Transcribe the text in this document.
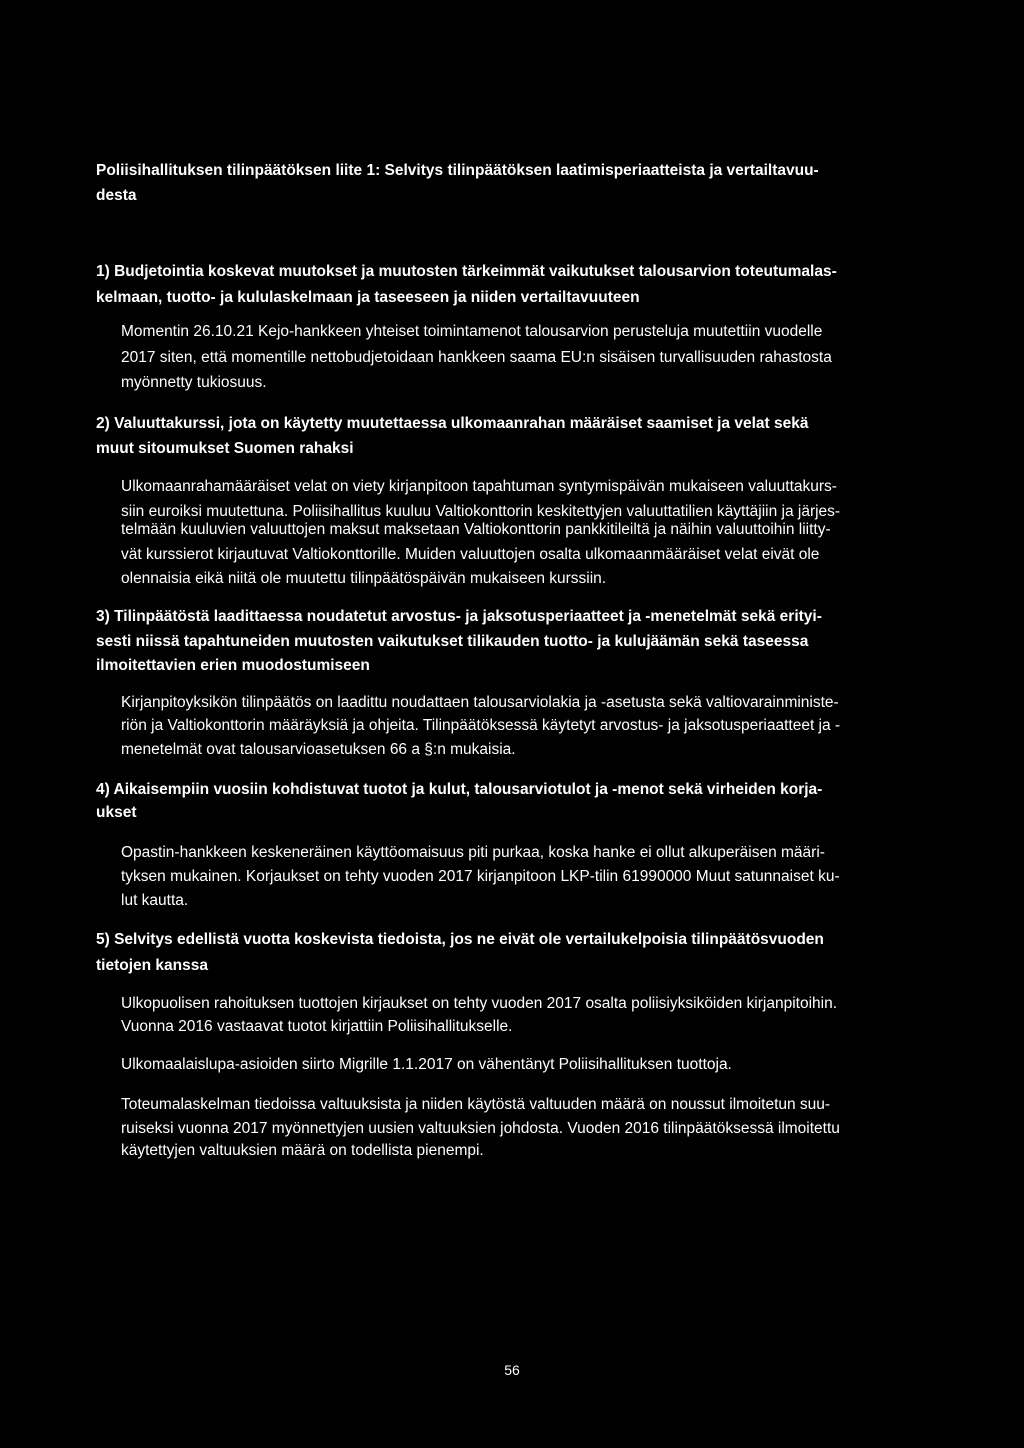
Poliisihallituksen tilinpäätöksen liite 1: Selvitys tilinpäätöksen laatimisperiaatteista ja vertailtavuu-
desta
1) Budjetointia koskevat muutokset ja muutosten tärkeimmät vaikutukset talousarvion toteutumalas-
kelmaan, tuotto- ja kululaskelmaan ja taseeseen ja niiden vertailtavuuteen
Momentin 26.10.21 Kejo-hankkeen yhteiset toimintamenot talousarvion perusteluja muutettiin vuodelle
2017 siten, että momentille nettobudjetoidaan hankkeen saama EU:n sisäisen turvallisuuden rahastosta
myönnetty tukiosuus.
2) Valuuttakurssi, jota on käytetty muutettaessa ulkomaanrahan määräiset saamiset ja velat sekä
muut sitoumukset Suomen rahaksi
Ulkomaanrahamääräiset velat on viety kirjanpitoon tapahtuman syntymispäivän mukaiseen valuuttakurs-
siin euroiksi muutettuna. Poliisihallitus kuuluu Valtiokonttorin keskitettyjen valuuttatilien käyttäjiin ja järjes-
telmään kuuluvien valuuttojen maksut maksetaan Valtiokonttorin pankkitileiltä ja näihin valuuttoihin liitty-
vät kurssierot kirjautuvat Valtiokonttorille. Muiden valuuttojen osalta ulkomaanmääräiset velat eivät ole
olennaisia eikä niitä ole muutettu tilinpäätöspäivän mukaiseen kurssiin.
3) Tilinpäätöstä laadittaessa noudatetut arvostus- ja jaksotusperiaatteet ja -menetelmät sekä erityi-
sesti niissä tapahtuneiden muutosten vaikutukset tilikauden tuotto- ja kulujäämän sekä taseessa
ilmoitettavien erien muodostumiseen
Kirjanpitoyksikön tilinpäätös on laadittu noudattaen talousarviolakia ja -asetusta sekä valtiovarainministe-
riön ja Valtiokonttorin määräyksiä ja ohjeita. Tilinpäätöksessä käytetyt arvostus- ja jaksotusperiaatteet ja -
menetelmät ovat talousarvioasetuksen 66 a §:n mukaisia.
4) Aikaisempiin vuosiin kohdistuvat tuotot ja kulut, talousarviotulot ja -menot sekä virheiden korja-
ukset
Opastin-hankkeen keskeneräinen käyttöomaisuus piti purkaa, koska hanke ei ollut alkuperäisen määri-
tyksen mukainen. Korjaukset on tehty vuoden 2017 kirjanpitoon LKP-tilin 61990000 Muut satunnaiset ku-
lut kautta.
5) Selvitys edellistä vuotta koskevista tiedoista, jos ne eivät ole vertailukelpoisia tilinpäätösvuoden
tietojen kanssa
Ulkopuolisen rahoituksen tuottojen kirjaukset on tehty vuoden 2017 osalta poliisiyksiköiden kirjanpitoihin.
Vuonna 2016 vastaavat tuotot kirjattiin Poliisihallitukselle.
Ulkomaalaislupa-asioiden siirto Migrille 1.1.2017 on vähentänyt Poliisihallituksen tuottoja.
Toteumalaskelman tiedoissa valtuuksista ja niiden käytöstä valtuuden määrä on noussut ilmoitetun suu-
ruiseksi vuonna 2017 myönnettyjen uusien valtuuksien johdosta. Vuoden 2016 tilinpäätöksessä ilmoitettu
käytettyjen valtuuksien määrä on todellista pienempi.
56
